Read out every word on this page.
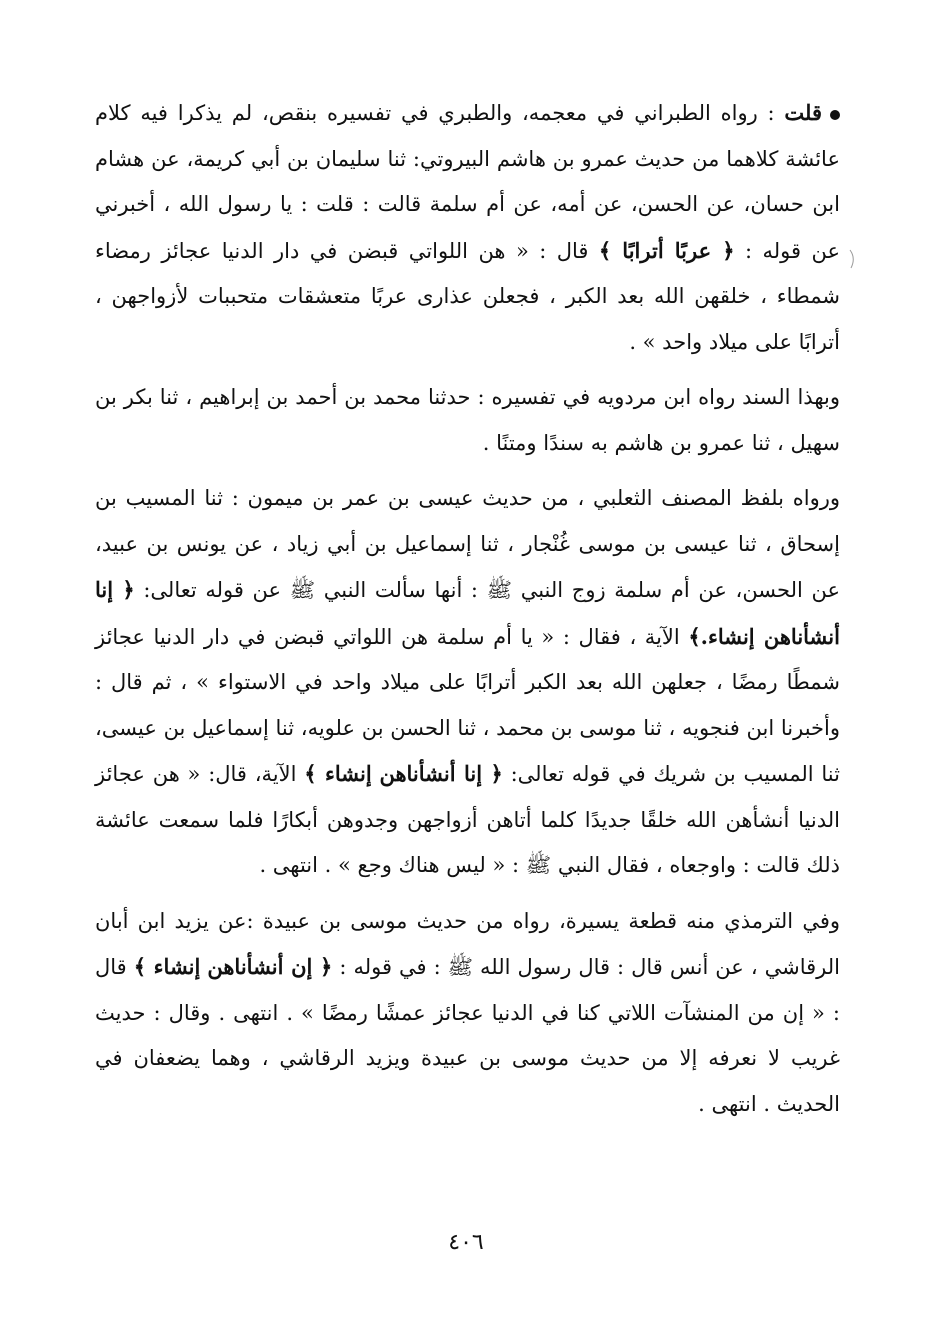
قلت : رواه الطبراني في معجمه، والطبري في تفسيره بنقص، لم يذكرا فيه كلام عائشة كلاهما من حديث عمرو بن هاشم البيروتي: ثنا سليمان بن أبي كريمة، عن هشام ابن حسان، عن الحسن، عن أمه، عن أم سلمة قالت : قلت : يا رسول الله ، أخبرني عن قوله : ﴿ عربًا أترابًا ﴾ قال : « هن اللواتي قبضن في دار الدنيا عجائز رمضاء شمطاء ، خلقهن الله بعد الكبر ، فجعلن عذارى عربًا متعشقات متحببات لأزواجهن ، أترابًا على ميلاد واحد » .

وبهذا السند رواه ابن مردويه في تفسيره : حدثنا محمد بن أحمد بن إبراهيم ، ثنا بكر بن سهيل ، ثنا عمرو بن هاشم به سندًا ومتنًا .

ورواه بلفظ المصنف الثعلبي ، من حديث عيسى بن عمر بن ميمون : ثنا المسيب بن إسحاق ، ثنا عيسى بن موسى غُنْجار ، ثنا إسماعيل بن أبي زياد ، عن يونس بن عبيد، عن الحسن، عن أم سلمة زوج النبي ﷺ : أنها سألت النبي ﷺ عن قوله تعالى: ﴿ إنا أنشأناهن إنشاء.﴾ الآية ، فقال : « يا أم سلمة هن اللواتي قبضن في دار الدنيا عجائز شمطًا رمضًا ، جعلهن الله بعد الكبر أترابًا على ميلاد واحد في الاستواء » ، ثم قال : وأخبرنا ابن فنجويه ، ثنا موسى بن محمد ، ثنا الحسن بن علويه، ثنا إسماعيل بن عيسى، ثنا المسيب بن شريك في قوله تعالى: ﴿ إنا أنشأناهن إنشاء ﴾ الآية، قال: « هن عجائز الدنيا أنشأهن الله خلقًا جديدًا كلما أتاهن أزواجهن وجدوهن أبكارًا فلما سمعت عائشة ذلك قالت : واوجعاه ، فقال النبي ﷺ : « ليس هناك وجع » . انتهى .

وفي الترمذي منه قطعة يسيرة، رواه من حديث موسى بن عبيدة :عن يزيد ابن أبان الرقاشي ، عن أنس قال : قال رسول الله ﷺ : في قوله : ﴿ إن أنشأناهن إنشاء ﴾ قال : « إن من المنشآت اللاتي كنا في الدنيا عجائز عمشًا رمضًا » . انتهى . وقال : حديث غريب لا نعرفه إلا من حديث موسى بن عبيدة ويزيد الرقاشي ، وهما يضعفان في الحديث . انتهى .

٤٠٦
